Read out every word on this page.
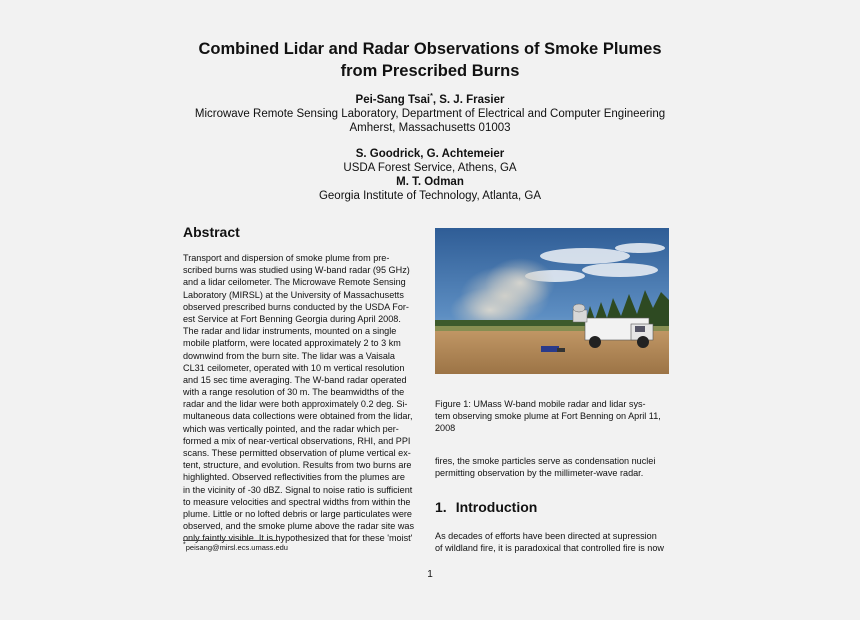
Combined Lidar and Radar Observations of Smoke Plumes
from Prescribed Burns
Pei-Sang Tsai*, S. J. Frasier
Microwave Remote Sensing Laboratory, Department of Electrical and Computer Engineering
Amherst, Massachusetts 01003
S. Goodrick, G. Achtemeier
USDA Forest Service, Athens, GA
M. T. Odman
Georgia Institute of Technology, Atlanta, GA
Abstract
Transport and dispersion of smoke plume from pre-
scribed burns was studied using W-band radar (95 GHz)
and a lidar ceilometer. The Microwave Remote Sensing
Laboratory (MIRSL) at the University of Massachusetts
observed prescribed burns conducted by the USDA For-
est Service at Fort Benning Georgia during April 2008.
The radar and lidar instruments, mounted on a single
mobile platform, were located approximately 2 to 3 km
downwind from the burn site. The lidar was a Vaisala
CL31 ceilometer, operated with 10 m vertical resolution
and 15 sec time averaging. The W-band radar operated
with a range resolution of 30 m. The beamwidths of the
radar and the lidar were both approximately 0.2 deg. Si-
multaneous data collections were obtained from the lidar,
which was vertically pointed, and the radar which per-
formed a mix of near-vertical observations, RHI, and PPI
scans. These permitted observation of plume vertical ex-
tent, structure, and evolution. Results from two burns are
highlighted. Observed reflectivities from the plumes are
in the vicinity of -30 dBZ. Signal to noise ratio is sufficient
to measure velocities and spectral widths from within the
plume. Little or no lofted debris or large particulates were
observed, and the smoke plume above the radar site was
only faintly visible. It is hypothesized that for these 'moist'
*peisang@mirsl.ecs.umass.edu
Figure 1: UMass W-band mobile radar and lidar sys-
tem observing smoke plume at Fort Benning on April 11,
2008
fires, the smoke particles serve as condensation nuclei
permitting observation by the millimeter-wave radar.
1. Introduction
As decades of efforts have been directed at supression
of wildland fire, it is paradoxical that controlled fire is now
1
